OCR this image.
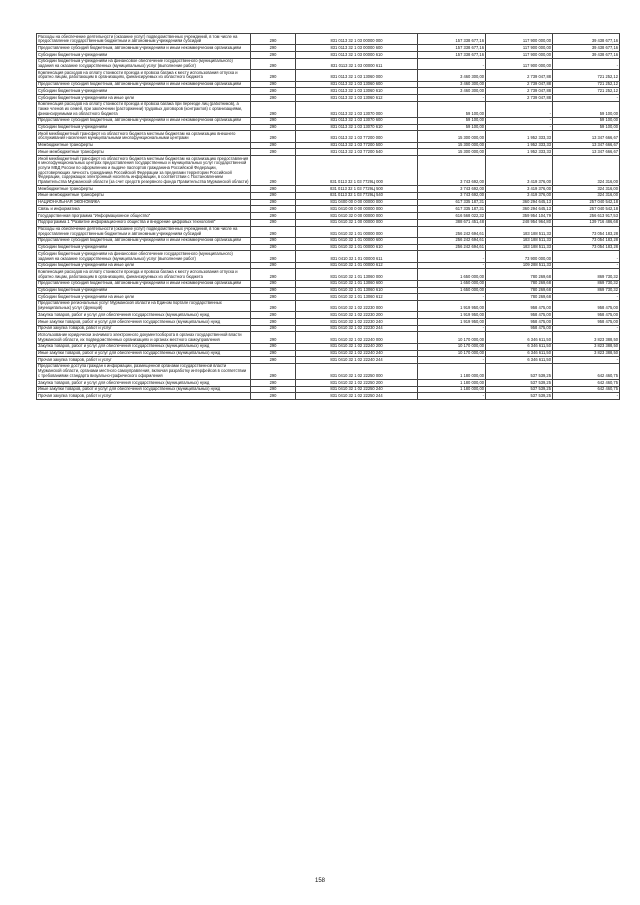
Расходы на обеспечение деятельности (оказание услуг) подведомственных учреждений, в том числе на предоставление государственным бюджетным и автономным учреждениям субсидий	290	831 0113 32 1 03 00000 000	157 338 677,16	117 900 000,00	39 438 677,16
Предоставление субсидий бюджетным, автономным учреждениям и иным некоммерческим организациям	290	831 0113 32 1 03 00000 600	157 338 677,16	117 900 000,00	39 438 677,16
Субсидии бюджетным учреждениям	290	831 0113 32 1 03 00000 610	157 338 677,16	117 900 000,00	39 438 677,16
Субсидии бюджетным учреждениям на финансовое обеспечение государственного (муниципального) задания на оказание государственных (муниципальных) услуг (выполнение работ)	290	831 0113 32 1 03 00000 611	-	117 900 000,00	-
Компенсация расходов на оплату стоимости проезда и провоза багажа к месту использования отпуска и обратно лицам, работающим в организациях, финансируемых из областного бюджета	290	831 0113 32 1 03 13060 000	3 460 300,00	2 739 047,88	721 252,12
Предоставление субсидий бюджетным, автономным учреждениям и иным некоммерческим организациям	290	831 0113 32 1 03 13060 600	3 460 300,00	2 739 047,88	721 252,12
Субсидии бюджетным учреждениям	290	831 0113 32 1 03 13060 610	3 460 300,00	2 739 047,88	721 252,12
Субсидии бюджетным учреждениям на иные цели	290	831 0113 32 1 03 13060 612	-	2 739 047,88	-
Компенсация расходов на оплату стоимости проезда и провоза багажа при переезде лиц (работников), а также членов их семей, при заключении (расторжении) трудовых договоров (контрактов) с организациями, финансируемыми из областного бюджета	290	831 0113 32 1 03 13070 000	59 100,00	-	59 100,00
Предоставление субсидий бюджетным, автономным учреждениям и иным некоммерческим организациям	290	831 0113 32 1 03 13070 600	59 100,00	-	59 100,00
Субсидии бюджетным учреждениям	290	831 0113 32 1 03 13070 610	59 100,00	-	59 100,00
Иной межбюджетный трансферт из областного бюджета местным бюджетам на организацию внешнего обслуживания населения муниципальными многофункциональными центрами	290	831 0113 32 1 03 77200 000	15 300 000,00	1 952 333,33	13 347 666,67
Межбюджетные трансферты	290	831 0113 32 1 03 77200 500	15 300 000,00	1 952 333,33	13 347 666,67
Иные межбюджетные трансферты	290	831 0113 32 1 03 77200 540	15 300 000,00	1 952 333,33	13 347 666,67
Иной межбюджетный трансферт из областного бюджета местным бюджетам на организацию предоставления в многофункциональных центрах предоставления государственных и муниципальных услуг государственной услуги МВД России по оформлению и выдаче паспортов гражданина Российской Федерации, удостоверяющих личность гражданина Российской Федерации за пределами территории Российской Федерации, содержащих электронный носитель информации, в соответствии с Постановлением Правительства Мурманской области (за счет средств резервного фонда Правительства Мурманской области)	290	831 0113 32 1 03 7729Ц 000	3 743 692,00	3 419 376,00	324 316,00
Межбюджетные трансферты	290	831 0113 32 1 03 7729Ц 500	3 743 692,00	3 419 376,00	324 316,00
Иные межбюджетные трансферты	290	831 0113 32 1 03 7729Ц 540	3 743 692,00	3 419 376,00	324 316,00
НАЦИОНАЛЬНАЯ ЭКОНОМИКА	290	831 0400 00 0 00 00000 000	617 335 187,31	360 294 645,13	257 040 542,18
Связь и информатика	290	831 0410 00 0 00 00000 000	617 335 187,31	360 294 645,13	257 040 542,18
Государственная программа "Информационное общество"	290	831 0410 32 0 00 00000 000	616 568 022,32	359 954 104,79	256 613 917,53
Подпрограмма 1 "Развитие информационного общества и внедрение цифровых технологий"	290	831 0410 32 1 00 00000 000	388 671 451,48	248 954 964,80	139 716 486,68
Расходы на обеспечение деятельности (оказание услуг) подведомственных учреждений, в том числе на предоставление государственным бюджетным и автономным учреждениям субсидий	290	831 0410 32 1 01 00000 000	256 242 694,61	183 188 511,33	73 054 183,28
Предоставление субсидий бюджетным, автономным учреждениям и иным некоммерческим организациям	290	831 0410 32 1 01 00000 600	256 242 694,61	183 188 511,33	73 054 183,28
Субсидии бюджетным учреждениям	290	831 0410 32 1 01 00000 610	256 242 694,61	183 188 511,33	73 054 183,28
Субсидии бюджетным учреждениям на финансовое обеспечение государственного (муниципального) задания на оказание государственных (муниципальных) услуг (выполнение работ)	290	831 0410 32 1 01 00000 611	-	73 900 000,00	-
Субсидии бюджетным учреждениям на иные цели	290	831 0410 32 1 01 00000 612	-	109 288 511,33	-
Компенсация расходов на оплату стоимости проезда и провоза багажа к месту использования отпуска и обратно лицам, работающим в организациях, финансируемых из областного бюджета	290	831 0410 32 1 01 13060 000	1 650 000,00	780 269,68	869 730,32
Предоставление субсидий бюджетным, автономным учреждениям и иным некоммерческим организациям	290	831 0410 32 1 01 13060 600	1 650 000,00	780 269,68	869 730,32
Субсидии бюджетным учреждениям	290	831 0410 32 1 01 13060 610	1 650 000,00	780 269,68	869 730,32
Субсидии бюджетным учреждениям на иные цели	290	831 0410 32 1 01 13060 612	-	780 269,68	-
Предоставление региональных услуг Мурманской области на Едином портале государственных (муниципальных) услуг (функций)	290	831 0410 32 1 02 22230 000	1 919 950,00	958 475,00	958 475,00
Закупка товаров, работ и услуг для обеспечения государственных (муниципальных) нужд	290	831 0410 32 1 02 22230 200	1 919 950,00	958 475,00	958 475,00
Иные закупки товаров, работ и услуг для обеспечения государственных (муниципальных) нужд	290	831 0410 32 1 02 22230 240	1 919 950,00	958 475,00	958 475,00
Прочая закупка товаров, работ и услуг	290	831 0410 32 1 02 22230 244	-	958 475,00	-
Использование юридически значимого электронного документооборота в органах государственной власти Мурманской области, их подведомственных организациях и органах местного самоуправления	290	831 0410 32 1 02 22240 000	10 170 000,00	6 346 611,50	3 823 388,50
Закупка товаров, работ и услуг для обеспечения государственных (муниципальных) нужд	290	831 0410 32 1 02 22240 200	10 170 000,00	6 346 611,50	3 823 388,50
Иные закупки товаров, работ и услуг для обеспечения государственных (муниципальных) нужд	290	831 0410 32 1 02 22240 240	10 170 000,00	6 346 611,50	3 823 388,50
Прочая закупка товаров, работ и услуг	290	831 0410 32 1 02 22240 244	-	6 346 611,50	-
Предоставление доступа граждан к информации, размещенной органами государственной власти Мурманской области, органами местного самоуправления, включая разработку интерфейсов в соответствии с требованиями стандарта визуально-графического оформления	290	831 0410 32 1 02 22250 000	1 180 000,00	537 539,25	642 460,75
Закупка товаров, работ и услуг для обеспечения государственных (муниципальных) нужд	290	831 0410 32 1 02 22250 200	1 180 000,00	537 539,25	642 460,75
Иные закупки товаров, работ и услуг для обеспечения государственных (муниципальных) нужд	290	831 0410 32 1 02 22250 240	1 180 000,00	537 539,25	642 460,75
Прочая закупка товаров, работ и услуг	290	831 0410 32 1 02 22250 244	-	537 539,25	-
158
